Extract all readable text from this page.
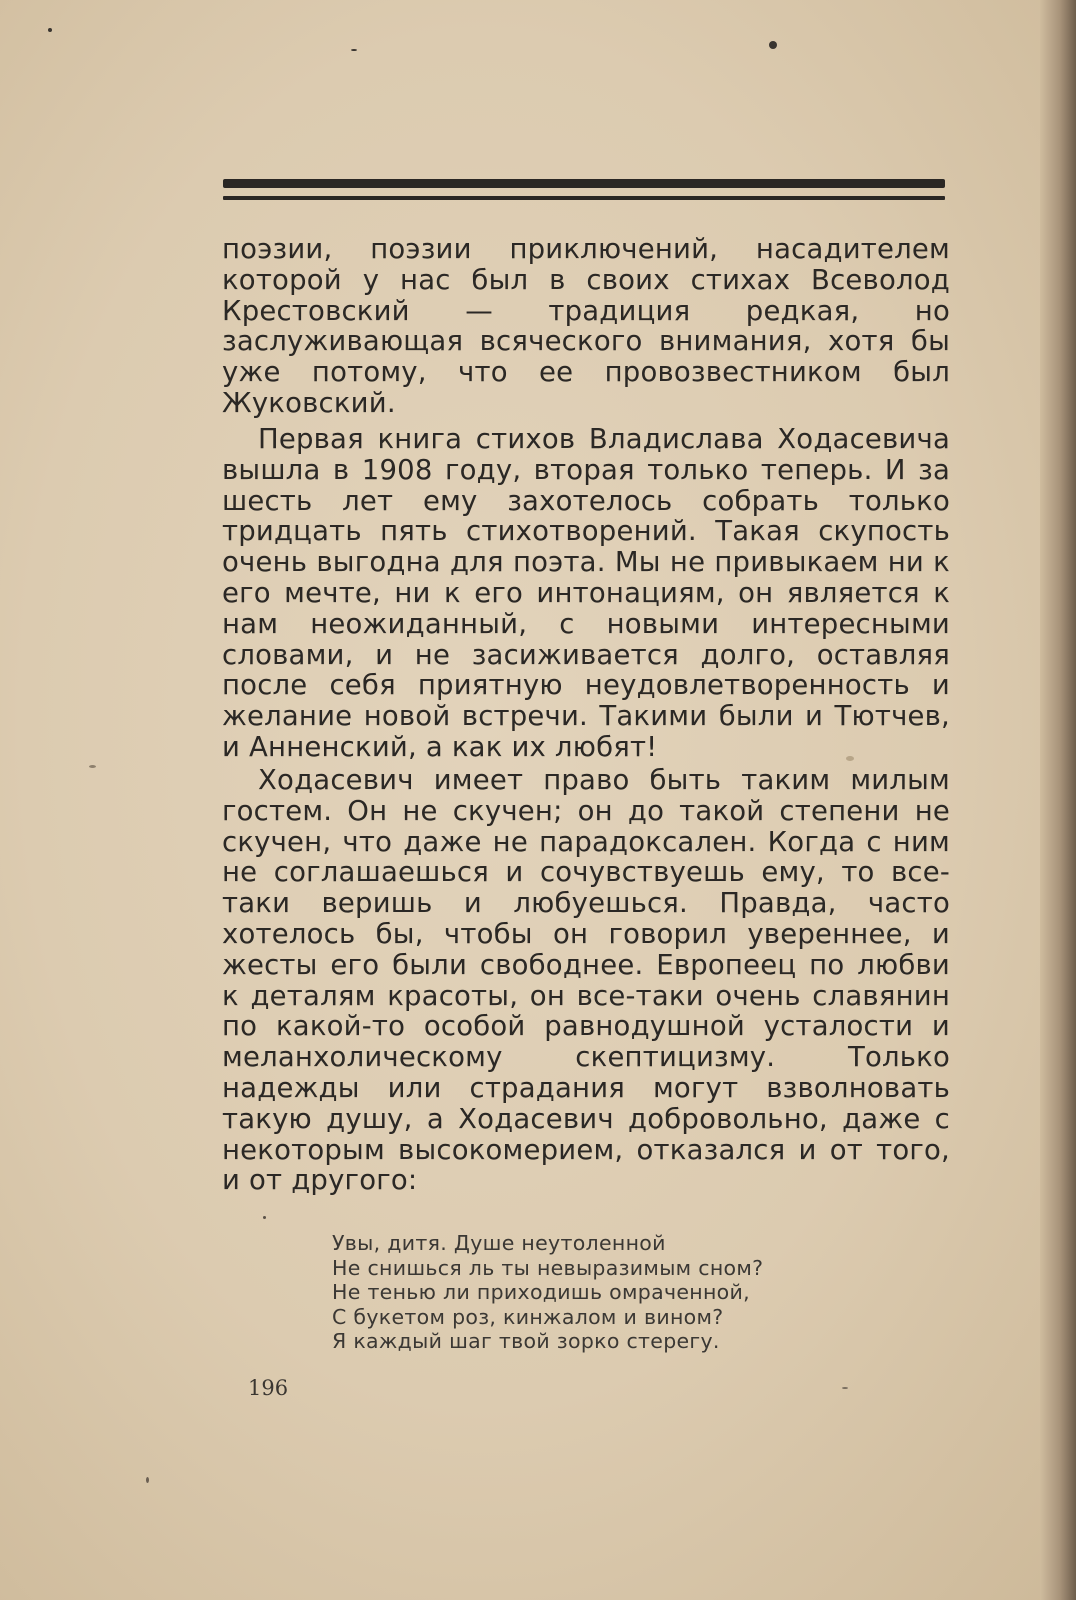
поэзии, поэзии приключений, насадителем которой у нас был в своих стихах Всеволод Крестовский — традиция редкая, но заслуживающая всяческого внимания, хотя бы уже потому, что ее провозвестником был Жуковский.

Первая книга стихов Владислава Ходасевича вышла в 1908 году, вторая только теперь. И за шесть лет ему захотелось собрать только тридцать пять стихотворений. Такая скупость очень выгодна для поэта. Мы не привыкаем ни к его мечте, ни к его интонациям, он является к нам неожиданный, с новыми интересными словами, и не засиживается долго, оставляя после себя приятную неудовлетворенность и желание новой встречи. Такими были и Тютчев, и Анненский, а как их любят!

Ходасевич имеет право быть таким милым гостем. Он не скучен; он до такой степени не скучен, что даже не парадоксален. Когда с ним не соглашаешься и сочувствуешь ему, то все-таки веришь и любуешься. Правда, часто хотелось бы, чтобы он говорил увереннее, и жесты его были свободнее. Европеец по любви к деталям красоты, он все-таки очень славянин по какой-то особой равнодушной усталости и меланхолическому скептицизму. Только надежды или страдания могут взволновать такую душу, а Ходасевич добровольно, даже с некоторым высокомерием, отказался и от того, и от другого:

Увы, дитя. Душе неутоленной
Не снишься ль ты невыразимым сном?
Не тенью ли приходишь омраченной,
С букетом роз, кинжалом и вином?
Я каждый шаг твой зорко стерегу.
196
